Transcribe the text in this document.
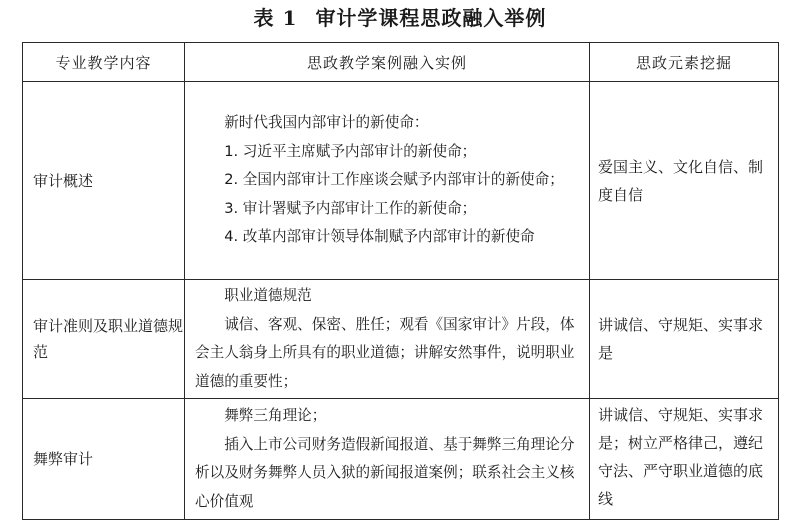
表 1 审计学课程思政融入举例
专业教学内容	思政教学案例融入实例	思政元素挖掘
审计概述	新时代我国内部审计的新使命：
1. 习近平主席赋予内部审计的新使命；
2. 全国内部审计工作座谈会赋予内部审计的新使命；
3. 审计署赋予内部审计工作的新使命；
4. 改革内部审计领导体制赋予内部审计的新使命	爱国主义、文化自信、制度自信
审计准则及职业道德规范	职业道德规范
诚信、客观、保密、胜任；观看《国家审计》片段，体会主人翁身上所具有的职业道德；讲解安然事件，说明职业道德的重要性；	讲诚信、守规矩、实事求是
舞弊审计	舞弊三角理论；
插入上市公司财务造假新闻报道、基于舞弊三角理论分析以及财务舞弊人员入狱的新闻报道案例；联系社会主义核心价值观	讲诚信、守规矩、实事求是；树立严格律己，遵纪守法、严守职业道德的底线
